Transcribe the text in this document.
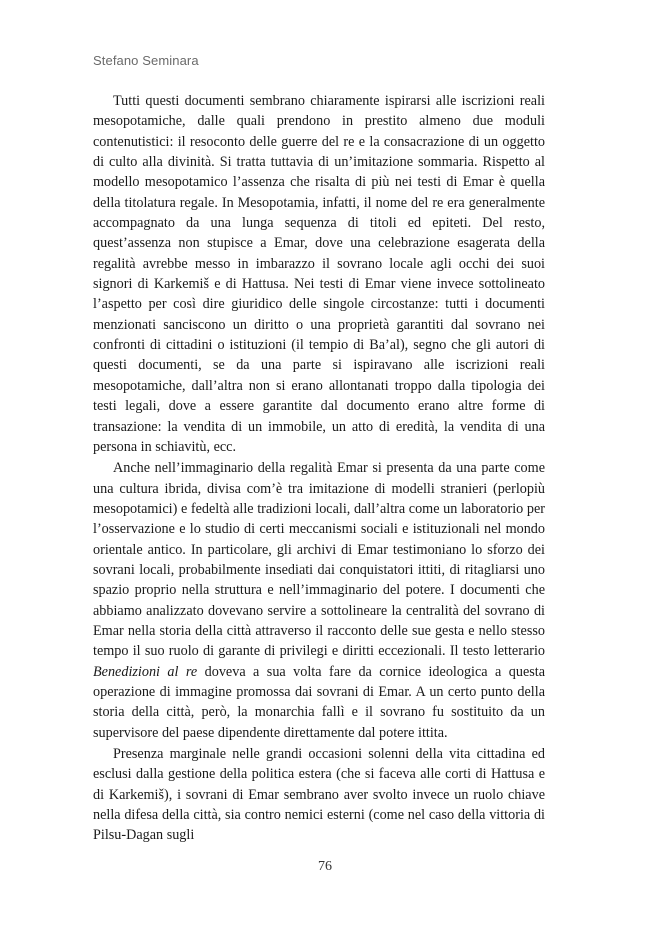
Stefano Seminara

Tutti questi documenti sembrano chiaramente ispirarsi alle iscrizioni reali mesopotamiche, dalle quali prendono in prestito almeno due moduli contenutistici: il resoconto delle guerre del re e la consacrazione di un oggetto di culto alla divinità. Si tratta tuttavia di un’imitazione sommaria. Rispetto al modello mesopotamico l’assenza che risalta di più nei testi di Emar è quella della titolatura regale. In Mesopotamia, infatti, il nome del re era generalmente accompagnato da una lunga sequenza di titoli ed epiteti. Del resto, quest’assenza non stupisce a Emar, dove una celebrazione esagerata della regalità avrebbe messo in imbarazzo il sovrano locale agli occhi dei suoi signori di Karkemiš e di Hattusa. Nei testi di Emar viene invece sottolineato l’aspetto per così dire giuridico delle singole circostanze: tutti i documenti menzionati sanciscono un diritto o una proprietà garantiti dal sovrano nei confronti di cittadini o istituzioni (il tempio di Ba’al), segno che gli autori di questi documenti, se da una parte si ispiravano alle iscrizioni reali mesopotamiche, dall’altra non si erano allontanati troppo dalla tipologia dei testi legali, dove a essere garantite dal documento erano altre forme di transazione: la vendita di un immobile, un atto di eredità, la vendita di una persona in schiavitù, ecc.

Anche nell’immaginario della regalità Emar si presenta da una parte come una cultura ibrida, divisa com’è tra imitazione di modelli stranieri (perlopiù mesopotamici) e fedeltà alle tradizioni locali, dall’altra come un laboratorio per l’osservazione e lo studio di certi meccanismi sociali e istituzionali nel mondo orientale antico. In particolare, gli archivi di Emar testimoniano lo sforzo dei sovrani locali, probabilmente insediati dai conquistatori ittiti, di ritagliarsi uno spazio proprio nella struttura e nell’immaginario del potere. I documenti che abbiamo analizzato dovevano servire a sottolineare la centralità del sovrano di Emar nella storia della città attraverso il racconto delle sue gesta e nello stesso tempo il suo ruolo di garante di privilegi e diritti eccezionali. Il testo letterario Benedizioni al re doveva a sua volta fare da cornice ideologica a questa operazione di immagine promossa dai sovrani di Emar. A un certo punto della storia della città, però, la monarchia fallì e il sovrano fu sostituito da un supervisore del paese dipendente direttamente dal potere ittita.

Presenza marginale nelle grandi occasioni solenni della vita cittadina ed esclusi dalla gestione della politica estera (che si faceva alle corti di Hattusa e di Karkemiš), i sovrani di Emar sembrano aver svolto invece un ruolo chiave nella difesa della città, sia contro nemici esterni (come nel caso della vittoria di Pilsu-Dagan sugli

76
